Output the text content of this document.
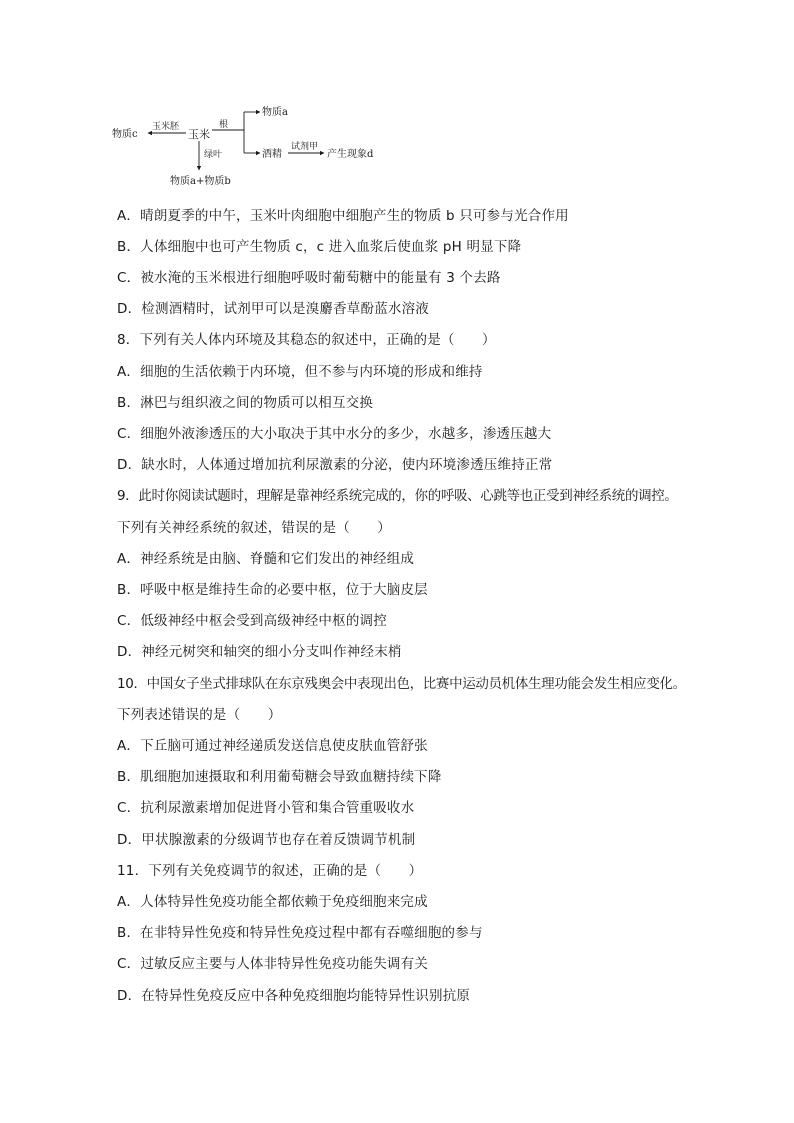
玉米
玉米胚
物质c
根
物质a
酒精
试剂甲
产生现象d
绿叶
物质a+物质b
A．晴朗夏季的中午，玉米叶肉细胞中细胞产生的物质 b 只可参与光合作用
B．人体细胞中也可产生物质 c，c 进入血浆后使血浆 pH 明显下降
C．被水淹的玉米根进行细胞呼吸时葡萄糖中的能量有 3 个去路
D．检测酒精时，试剂甲可以是溴麝香草酚蓝水溶液
8．下列有关人体内环境及其稳态的叙述中，正确的是（　　）
A．细胞的生活依赖于内环境，但不参与内环境的形成和维持
B．淋巴与组织液之间的物质可以相互交换
C．细胞外液渗透压的大小取决于其中水分的多少，水越多，渗透压越大
D．缺水时，人体通过增加抗利尿激素的分泌，使内环境渗透压维持正常
9．此时你阅读试题时，理解是靠神经系统完成的，你的呼吸、心跳等也正受到神经系统的调控。
下列有关神经系统的叙述，错误的是（　　）
A．神经系统是由脑、脊髓和它们发出的神经组成
B．呼吸中枢是维持生命的必要中枢，位于大脑皮层
C．低级神经中枢会受到高级神经中枢的调控
D．神经元树突和轴突的细小分支叫作神经末梢
10．中国女子坐式排球队在东京残奥会中表现出色，比赛中运动员机体生理功能会发生相应变化。
下列表述错误的是（　　）
A．下丘脑可通过神经递质发送信息使皮肤血管舒张
B．肌细胞加速摄取和利用葡萄糖会导致血糖持续下降
C．抗利尿激素增加促进肾小管和集合管重吸收水
D．甲状腺激素的分级调节也存在着反馈调节机制
11．下列有关免疫调节的叙述，正确的是（　　）
A．人体特异性免疫功能全都依赖于免疫细胞来完成
B．在非特异性免疫和特异性免疫过程中都有吞噬细胞的参与
C．过敏反应主要与人体非特异性免疫功能失调有关
D．在特异性免疫反应中各种免疫细胞均能特异性识别抗原
